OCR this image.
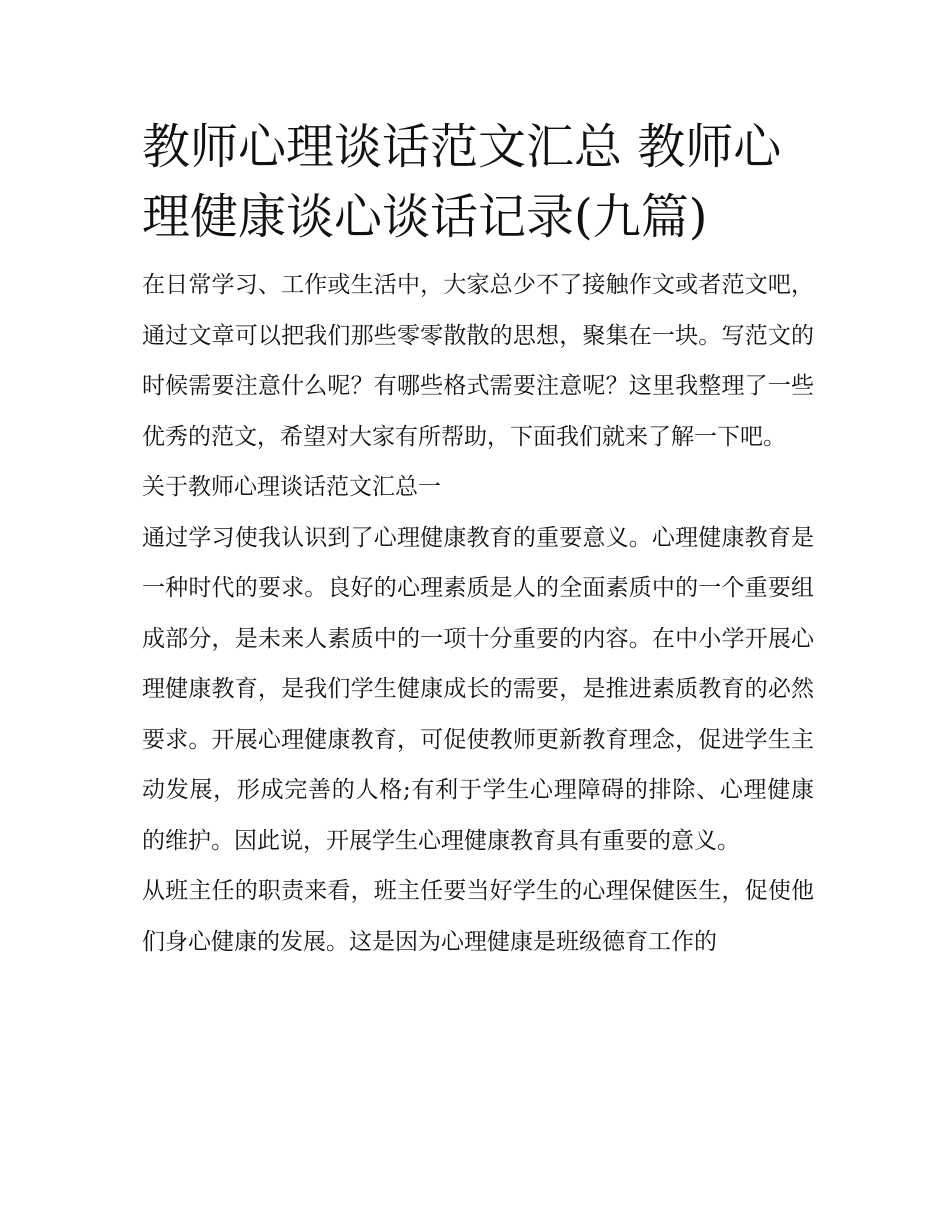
教师心理谈话范文汇总 教师心理健康谈心谈话记录(九篇)

在日常学习、工作或生活中，大家总少不了接触作文或者范文吧，通过文章可以把我们那些零零散散的思想，聚集在一块。写范文的时候需要注意什么呢？有哪些格式需要注意呢？这里我整理了一些优秀的范文，希望对大家有所帮助，下面我们就来了解一下吧。

关于教师心理谈话范文汇总一

通过学习使我认识到了心理健康教育的重要意义。心理健康教育是一种时代的要求。良好的心理素质是人的全面素质中的一个重要组成部分，是未来人素质中的一项十分重要的内容。在中小学开展心理健康教育，是我们学生健康成长的需要，是推进素质教育的必然要求。开展心理健康教育，可促使教师更新教育理念，促进学生主动发展，形成完善的人格;有利于学生心理障碍的排除、心理健康的维护。因此说，开展学生心理健康教育具有重要的意义。

从班主任的职责来看，班主任要当好学生的心理保健医生，促使他们身心健康的发展。这是因为心理健康是班级德育工作的
